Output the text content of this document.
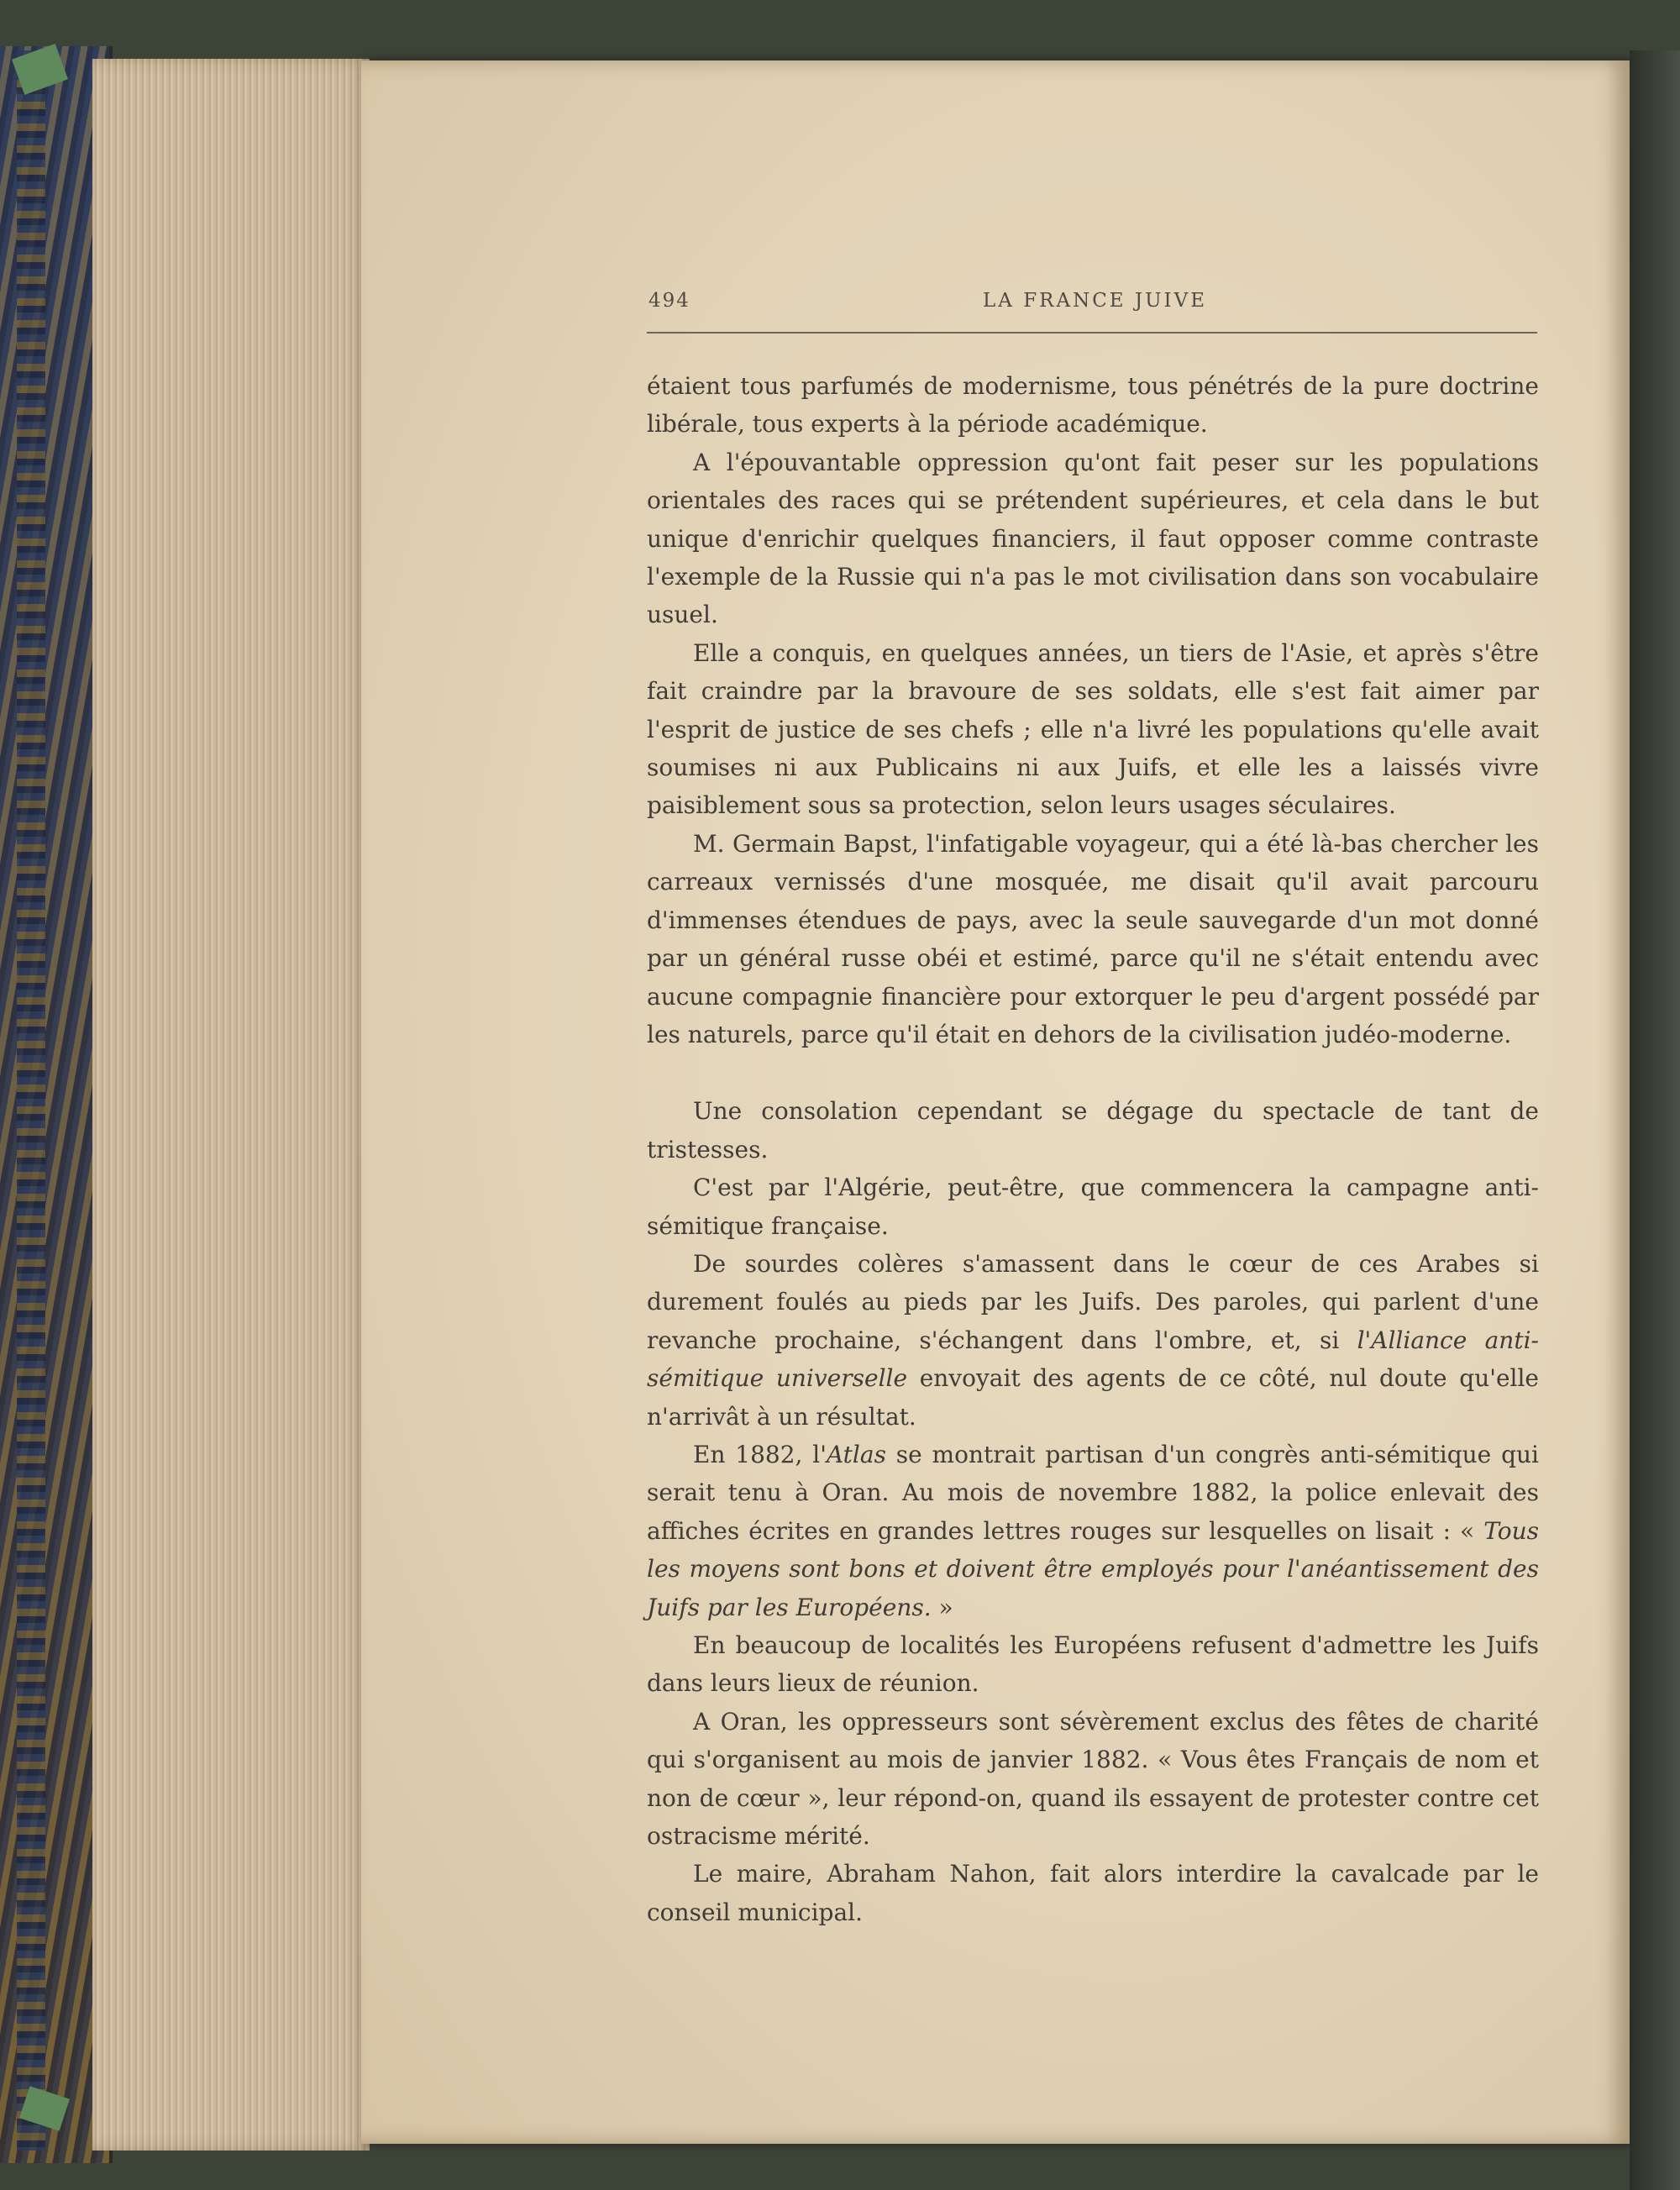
494	LA FRANCE JUIVE

étaient tous parfumés de modernisme, tous pénétrés de la pure doctrine libérale, tous experts à la période académique.

A l'épouvantable oppression qu'ont fait peser sur les populations orientales des races qui se prétendent supérieures, et cela dans le but unique d'enrichir quelques financiers, il faut opposer comme contraste l'exemple de la Russie qui n'a pas le mot civilisation dans son vocabulaire usuel.

Elle a conquis, en quelques années, un tiers de l'Asie, et après s'être fait craindre par la bravoure de ses soldats, elle s'est fait aimer par l'esprit de justice de ses chefs ; elle n'a livré les populations qu'elle avait soumises ni aux Publicains ni aux Juifs, et elle les a laissés vivre paisiblement sous sa protection, selon leurs usages séculaires.

M. Germain Bapst, l'infatigable voyageur, qui a été là-bas chercher les carreaux vernissés d'une mosquée, me disait qu'il avait parcouru d'immenses étendues de pays, avec la seule sauvegarde d'un mot donné par un général russe obéi et estimé, parce qu'il ne s'était entendu avec aucune compagnie financière pour extorquer le peu d'argent possédé par les naturels, parce qu'il était en dehors de la civilisation judéo-moderne.

Une consolation cependant se dégage du spectacle de tant de tristesses.

C'est par l'Algérie, peut-être, que commencera la campagne anti-sémitique française.

De sourdes colères s'amassent dans le cœur de ces Arabes si durement foulés au pieds par les Juifs. Des paroles, qui parlent d'une revanche prochaine, s'échangent dans l'ombre, et, si l'Alliance anti-sémitique universelle envoyait des agents de ce côté, nul doute qu'elle n'arrivât à un résultat.

En 1882, l'Atlas se montrait partisan d'un congrès anti-sémitique qui serait tenu à Oran. Au mois de novembre 1882, la police enlevait des affiches écrites en grandes lettres rouges sur lesquelles on lisait : « Tous les moyens sont bons et doivent être employés pour l'anéantissement des Juifs par les Européens. »

En beaucoup de localités les Européens refusent d'admettre les Juifs dans leurs lieux de réunion.

A Oran, les oppresseurs sont sévèrement exclus des fêtes de charité qui s'organisent au mois de janvier 1882. « Vous êtes Français de nom et non de cœur », leur répond-on, quand ils essayent de protester contre cet ostracisme mérité.

Le maire, Abraham Nahon, fait alors interdire la cavalcade par le conseil municipal.
